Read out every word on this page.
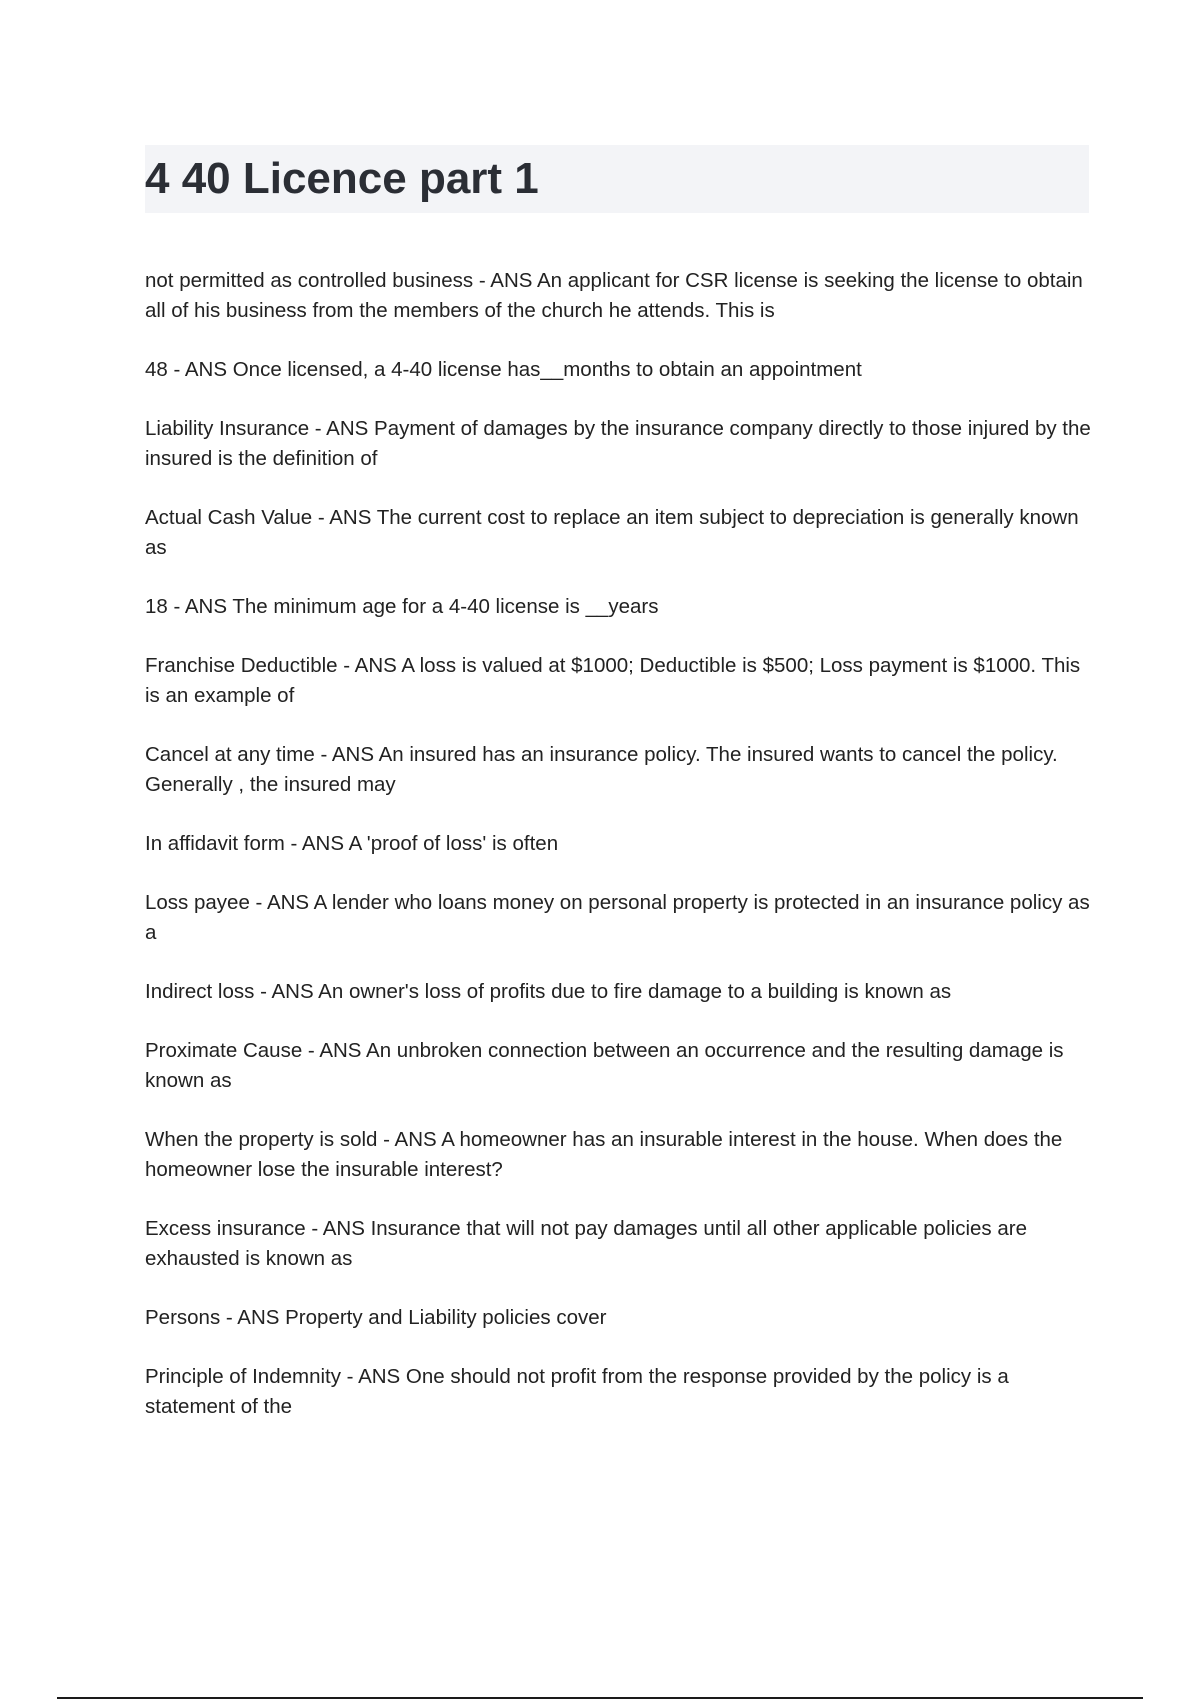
4 40 Licence part 1
not permitted as controlled business - ANS An applicant for CSR license is seeking the license to obtain all of his business from the members of the church he attends. This is
48 - ANS Once licensed, a 4-40 license has__months to obtain an appointment
Liability Insurance - ANS Payment of damages by the insurance company directly to those injured by the insured is the definition of
Actual Cash Value - ANS The current cost to replace an item subject to depreciation is generally known as
18 - ANS The minimum age for a 4-40 license is __years
Franchise Deductible - ANS A loss is valued at $1000; Deductible is $500; Loss payment is $1000. This is an example of
Cancel at any time - ANS An insured has an insurance policy. The insured wants to cancel the policy. Generally , the insured may
In affidavit form - ANS A 'proof of loss' is often
Loss payee - ANS A lender who loans money on personal property is protected in an insurance policy as a
Indirect loss - ANS An owner's loss of profits due to fire damage to a building is known as
Proximate Cause - ANS An unbroken connection between an occurrence and the resulting damage is known as
When the property is sold - ANS A homeowner has an insurable interest in the house. When does the homeowner lose the insurable interest?
Excess insurance - ANS Insurance that will not pay damages until all other applicable policies are exhausted is known as
Persons - ANS Property and Liability policies cover
Principle of Indemnity - ANS One should not profit from the response provided by the policy is a statement of the
